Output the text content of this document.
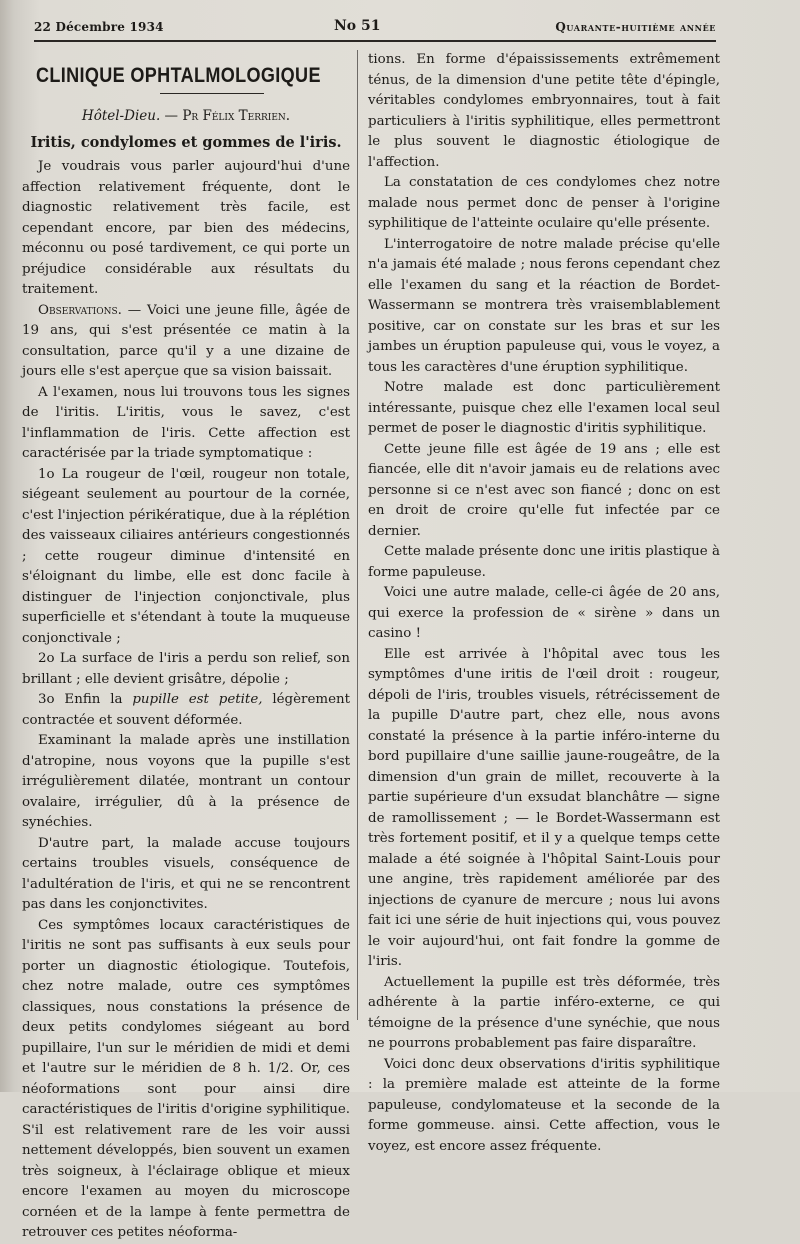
22 Décembre 1934	No 51	Quarante-huitième année
CLINIQUE OPHTALMOLOGIQUE
Hôtel-Dieu. — Pr Félix Terrien.
Iritis, condylomes et gommes de l'iris.

Je voudrais vous parler aujourd'hui d'une affection relativement fréquente, dont le diagnostic relativement très facile, est cependant encore, par bien des médecins, méconnu ou posé tardivement, ce qui porte un préjudice considérable aux résultats du traitement.

Observations. — Voici une jeune fille, âgée de 19 ans, qui s'est présentée ce matin à la consultation, parce qu'il y a une dizaine de jours elle s'est aperçue que sa vision baissait.

A l'examen, nous lui trouvons tous les signes de l'iritis. L'iritis, vous le savez, c'est l'inflammation de l'iris. Cette affection est caractérisée par la triade symptomatique :

1o La rougeur de l'œil, rougeur non totale, siégeant seulement au pourtour de la cornée, c'est l'injection périkératique, due à la réplétion des vaisseaux ciliaires antérieurs congestionnés ; cette rougeur diminue d'intensité en s'éloignant du limbe, elle est donc facile à distinguer de l'injection conjonctivale, plus superficielle et s'étendant à toute la muqueuse conjonctivale ;

2o La surface de l'iris a perdu son relief, son brillant ; elle devient grisâtre, dépolie ;

3o Enfin la pupille est petite, légèrement contractée et souvent déformée.

Examinant la malade après une instillation d'atropine, nous voyons que la pupille s'est irrégulièrement dilatée, montrant un contour ovalaire, irrégulier, dû à la présence de synéchies.

D'autre part, la malade accuse toujours certains troubles visuels, conséquence de l'adultération de l'iris, et qui ne se rencontrent pas dans les conjonctivites.

Ces symptômes locaux caractéristiques de l'iritis ne sont pas suffisants à eux seuls pour porter un diagnostic étiologique. Toutefois, chez notre malade, outre ces symptômes classiques, nous constations la présence de deux petits condylomes siégeant au bord pupillaire, l'un sur le méridien de midi et demi et l'autre sur le méridien de 8 h. 1/2. Or, ces néoformations sont pour ainsi dire caractéristiques de l'iritis d'origine syphilitique. S'il est relativement rare de les voir aussi nettement développés, bien souvent un examen très soigneux, à l'éclairage oblique et mieux encore l'examen au moyen du microscope cornéen et de la lampe à fente permettra de retrouver ces petites néoforma-

tions. En forme d'épaississements extrêmement ténus, de la dimension d'une petite tête d'épingle, véritables condylomes embryonnaires, tout à fait particuliers à l'iritis syphilitique, elles permettront le plus souvent le diagnostic étiologique de l'affection.

La constatation de ces condylomes chez notre malade nous permet donc de penser à l'origine syphilitique de l'atteinte oculaire qu'elle présente.

L'interrogatoire de notre malade précise qu'elle n'a jamais été malade ; nous ferons cependant chez elle l'examen du sang et la réaction de Bordet-Wassermann se montrera très vraisemblablement positive, car on constate sur les bras et sur les jambes un éruption papuleuse qui, vous le voyez, a tous les caractères d'une éruption syphilitique.

Notre malade est donc particulièrement intéressante, puisque chez elle l'examen local seul permet de poser le diagnostic d'iritis syphilitique.

Cette jeune fille est âgée de 19 ans ; elle est fiancée, elle dit n'avoir jamais eu de relations avec personne si ce n'est avec son fiancé ; donc on est en droit de croire qu'elle fut infectée par ce dernier.

Cette malade présente donc une iritis plastique à forme papuleuse.

Voici une autre malade, celle-ci âgée de 20 ans, qui exerce la profession de « sirène » dans un casino !

Elle est arrivée à l'hôpital avec tous les symptômes d'une iritis de l'œil droit : rougeur, dépoli de l'iris, troubles visuels, rétrécissement de la pupille D'autre part, chez elle, nous avons constaté la présence à la partie inféro-interne du bord pupillaire d'une saillie jaune-rougeâtre, de la dimension d'un grain de millet, recouverte à la partie supérieure d'un exsudat blanchâtre — signe de ramollissement ; — le Bordet-Wassermann est très fortement positif, et il y a quelque temps cette malade a été soignée à l'hôpital Saint-Louis pour une angine, très rapidement améliorée par des injections de cyanure de mercure ; nous lui avons fait ici une série de huit injections qui, vous pouvez le voir aujourd'hui, ont fait fondre la gomme de l'iris.

Actuellement la pupille est très déformée, très adhérente à la partie inféro-externe, ce qui témoigne de la présence d'une synéchie, que nous ne pourrons probablement pas faire disparaître.

Voici donc deux observations d'iritis syphilitique : la première malade est atteinte de la forme papuleuse, condylomateuse et la seconde de la forme gommeuse. ainsi. Cette affection, vous le voyez, est encore assez fréquente.
